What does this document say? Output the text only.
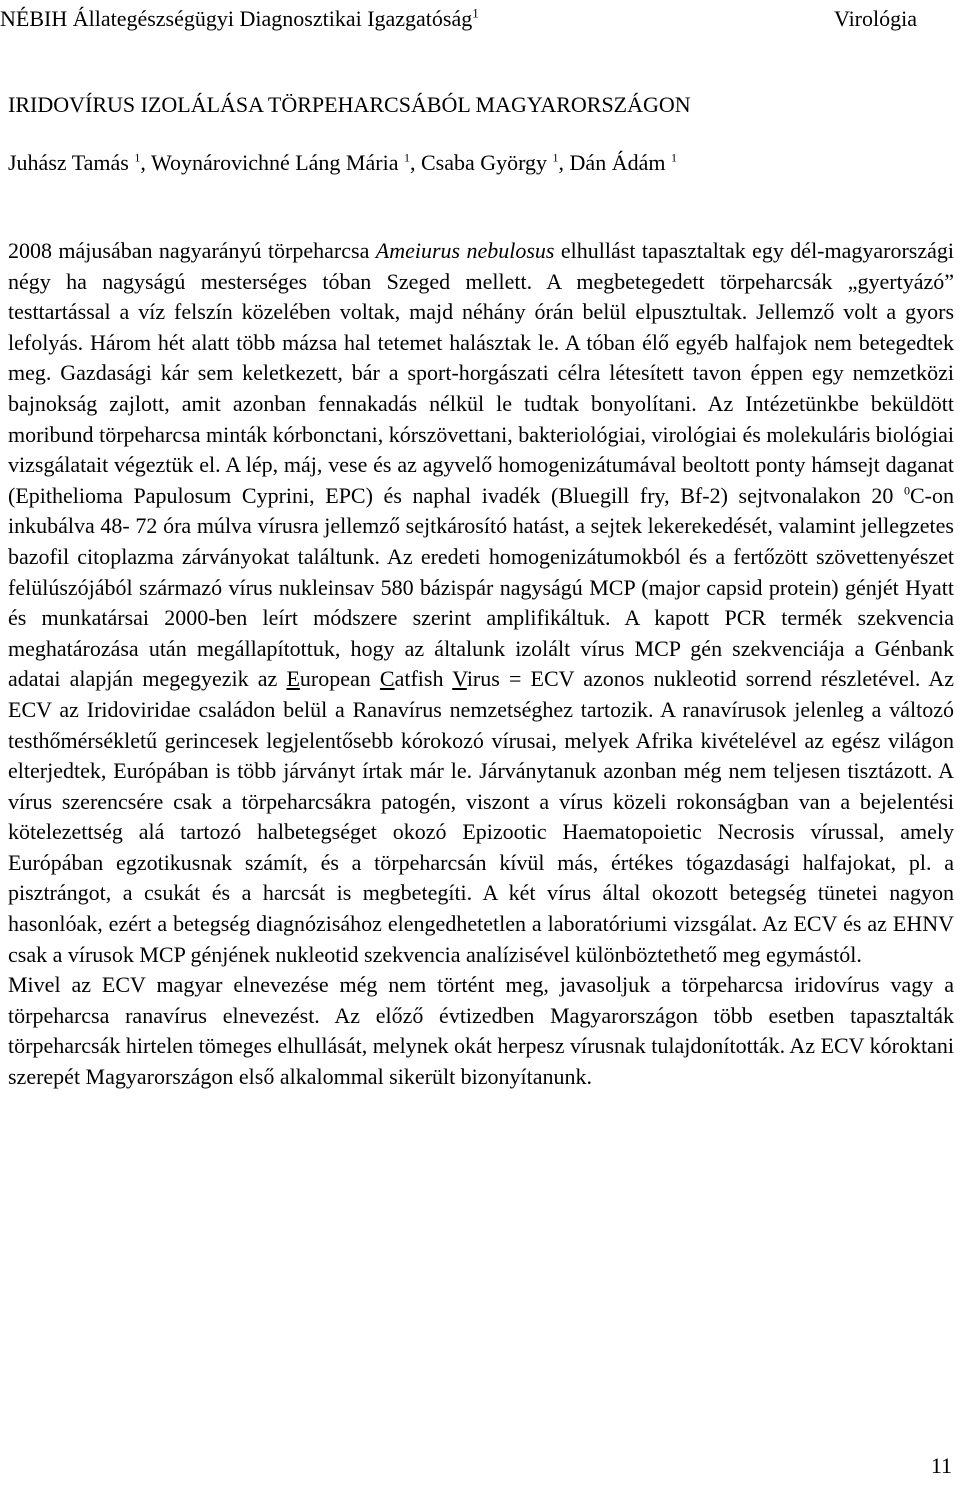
NÉBIH Állategészségügyi Diagnosztikai Igazgatóság$^1$	Virológia
IRIDOVÍRUS IZOLÁLÁSA TÖRPEHARCSÁBÓL MAGYARORSZÁGON
Juhász Tamás $^1$, Woynárovichné Láng Mária $^1$, Csaba György $^1$, Dán Ádám $^1$

2008 májusában nagyarányú törpeharcsa Ameiurus nebulosus elhullást tapasztaltak egy dél-magyarországi négy ha nagyságú mesterséges tóban Szeged mellett. A megbetegedett törpeharcsák „gyertyázó” testtartással a víz felszín közelében voltak, majd néhány órán belül elpusztultak. Jellemző volt a gyors lefolyás. Három hét alatt több mázsa hal tetemet halásztak le. A tóban élő egyéb halfajok nem betegedtek meg. Gazdasági kár sem keletkezett, bár a sport-horgászati célra létesített tavon éppen egy nemzetközi bajnokság zajlott, amit azonban fennakadás nélkül le tudtak bonyolítani. Az Intézetünkbe beküldött moribund törpeharcsa minták kórbonctani, kórszövettani, bakteriológiai, virológiai és molekuláris biológiai vizsgálatait végeztük el. A lép, máj, vese és az agyvelő homogenizátumával beoltott ponty hámsejt daganat (Epithelioma Papulosum Cyprini, EPC) és naphal ivadék (Bluegill fry, Bf-2) sejtvonalakon 20 $^0$C-on inkubálva 48- 72 óra múlva vírusra jellemző sejtkárosító hatást, a sejtek lekerekedését, valamint jellegzetes bazofil citoplazma zárványokat találtunk. Az eredeti homogenizátumokból és a fertőzött szövettenyészet felülúszójából származó vírus nukleinsav 580 bázispár nagyságú MCP (major capsid protein) génjét Hyatt és munkatársai 2000-ben leírt módszere szerint amplifikáltuk. A kapott PCR termék szekvencia meghatározása után megállapítottuk, hogy az általunk izolált vírus MCP gén szekvenciája a Génbank adatai alapján megegyezik az European Catfish Virus = ECV azonos nukleotid sorrend részletével. Az ECV az Iridoviridae családon belül a Ranavírus nemzetséghez tartozik. A ranavírusok jelenleg a változó testhőmérsékletű gerincesek legjelentősebb kórokozó vírusai, melyek Afrika kivételével az egész világon elterjedtek, Európában is több járványt írtak már le. Járványtanuk azonban még nem teljesen tisztázott. A vírus szerencsére csak a törpeharcsákra patogén, viszont a vírus közeli rokonságban van a bejelentési kötelezettség alá tartozó halbetegséget okozó Epizootic Haematopoietic Necrosis vírussal, amely Európában egzotikusnak számít, és a törpeharcsán kívül más, értékes tógazdasági halfajokat, pl. a pisztrángot, a csukát és a harcsát is megbetegíti. A két vírus által okozott betegség tünetei nagyon hasonlóak, ezért a betegség diagnózisához elengedhetetlen a laboratóriumi vizsgálat. Az ECV és az EHNV csak a vírusok MCP génjének nukleotid szekvencia analízisével különböztethető meg egymástól.

Mivel az ECV magyar elnevezése még nem történt meg, javasoljuk a törpeharcsa iridovírus vagy a törpeharcsa ranavírus elnevezést. Az előző évtizedben Magyarországon több esetben tapasztalták törpeharcsák hirtelen tömeges elhullását, melynek okát herpesz vírusnak tulajdonították. Az ECV kóroktani szerepét Magyarországon első alkalommal sikerült bizonyítanunk.

11
